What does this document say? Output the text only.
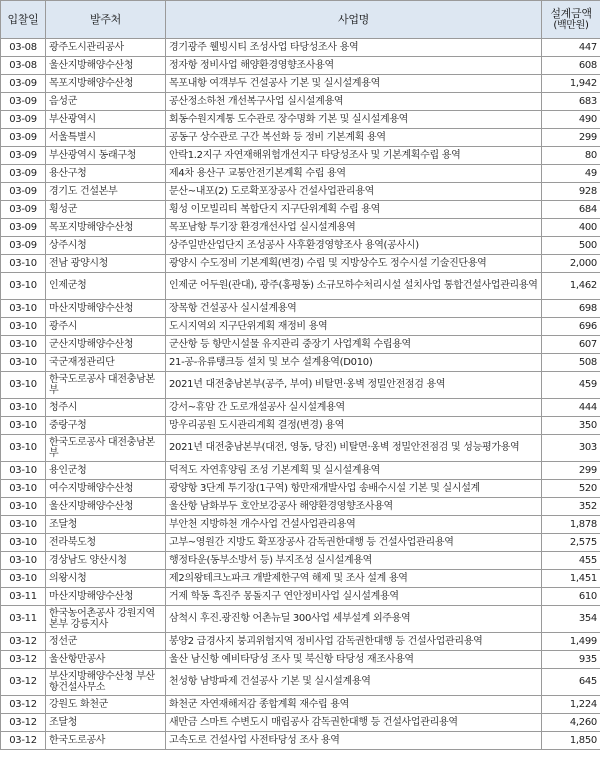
입찰일	발주처	사업명	설계금액
(백만원)

03-08	광주도시관리공사	경기광주 웰빙시티 조성사업 타당성조사 용역	447
03-08	울산지방해양수산청	정자항 정비사업 해양환경영향조사용역	608
03-09	목포지방해양수산청	목포내항 여객부두 건설공사 기본 및 실시설계용역	1,942
03-09	음성군	공산정소하천 개선복구사업 실시설계용역	683
03-09	부산광역시	회동수원지계통 도수관로 장수명화 기본 및 실시설계용역	490
03-09	서울특별시	공동구 상수관로 구간 복선화 등 정비 기본계획 용역	299
03-09	부산광역시 동래구청	안락1.2지구 자연재해위험개선지구 타당성조사 및 기본계획수립 용역	80
03-09	용산구청	제4차 용산구 교통안전기본계획 수립 용역	49
03-09	경기도 건설본부	문산~내포(2) 도로확포장공사 건설사업관리용역	928
03-09	횡성군	횡성 이모빌리티 복합단지 지구단위계획 수립 용역	684
03-09	목포지방해양수산청	목포남항 투기장 환경개선사업 실시설계용역	400
03-09	상주시청	상주일반산업단지 조성공사 사후환경영향조사 용역(공사시)	500
03-10	전남 광양시청	광양시 수도정비 기본계획(변경) 수립 및 지방상수도 정수시설 기술진단용역	2,000
03-10	인제군청	인제군 어두원(관대), 광주(홍평동) 소규모하수처리시설 설치사업 통합건설사업관리용역	1,462
03-10	마산지방해양수산청	장목항 건설공사 실시설계용역	698
03-10	광주시	도시지역외 지구단위계획 재정비 용역	696
03-10	군산지방해양수산청	군산항 등 항만시설물 유지관리 중장기 사업계획 수립용역	607
03-10	국군재정관리단	21-공-유류탱크등 설치 및 보수 설계용역(D010)	508
03-10	한국도로공사 대전충남본부	2021년 대전충남본부(공주, 부여) 비탈면·옹벽 정밀안전점검 용역	459
03-10	청주시	강서~휴암 간 도로개설공사 실시설계용역	444
03-10	중랑구청	망우리공원 도시관리계획 결정(변경) 용역	350
03-10	한국도로공사 대전충남본부	2021년 대전충남본부(대전, 영동, 당진) 비탈면·옹벽 정밀안전점검 및 성능평가용역	303
03-10	용인군청	덕적도 자연휴양림 조성 기본계획 및 실시설계용역	299
03-10	여수지방해양수산청	광양항 3단계 투기장(1구역) 항만재개발사업 송배수시설 기본 및 실시설계	520
03-10	울산지방해양수산청	울산항 남화부두 호안보강공사 해양환경영향조사용역	352
03-10	조달청	부안천 지방하천 개수사업 건설사업관리용역	1,878
03-10	전라북도청	고부~영원간 지방도 확포장공사 감독권한대행 등 건설사업관리용역	2,575
03-10	경상남도 양산시청	행정타운(동부소방서 등) 부지조성 실시설계용역	455
03-10	의왕시청	제2의왕테크노파크 개발제한구역 해제 및 조사 설계 용역	1,451
03-11	마산지방해양수산청	거제 학동 흑진주 몽돌지구 연안정비사업 실시설계용역	610
03-11	한국농어촌공사 강원지역본부 강릉지사	삼척시 후진.광진항 어촌뉴딜 300사업 세부설계 외주용역	354
03-12	정선군	봉양2 급경사지 붕괴위험지역 정비사업 감독권한대행 등 건설사업관리용역	1,499
03-12	울산항만공사	울산 남신항 예비타당성 조사 및 북신항 타당성 재조사용역	935
03-12	부산지방해양수산청 부산항건설사무소	천성항 남방파제 건설공사 기본 및 실시설계용역	645
03-12	강원도 화천군	화천군 자연재해저감 종합계획 재수립 용역	1,224
03-12	조달청	새만금 스마트 수변도시 매립공사 감독권한대행 등 건설사업관리용역	4,260
03-12	한국도로공사	고속도로 건설사업 사전타당성 조사 용역	1,850
